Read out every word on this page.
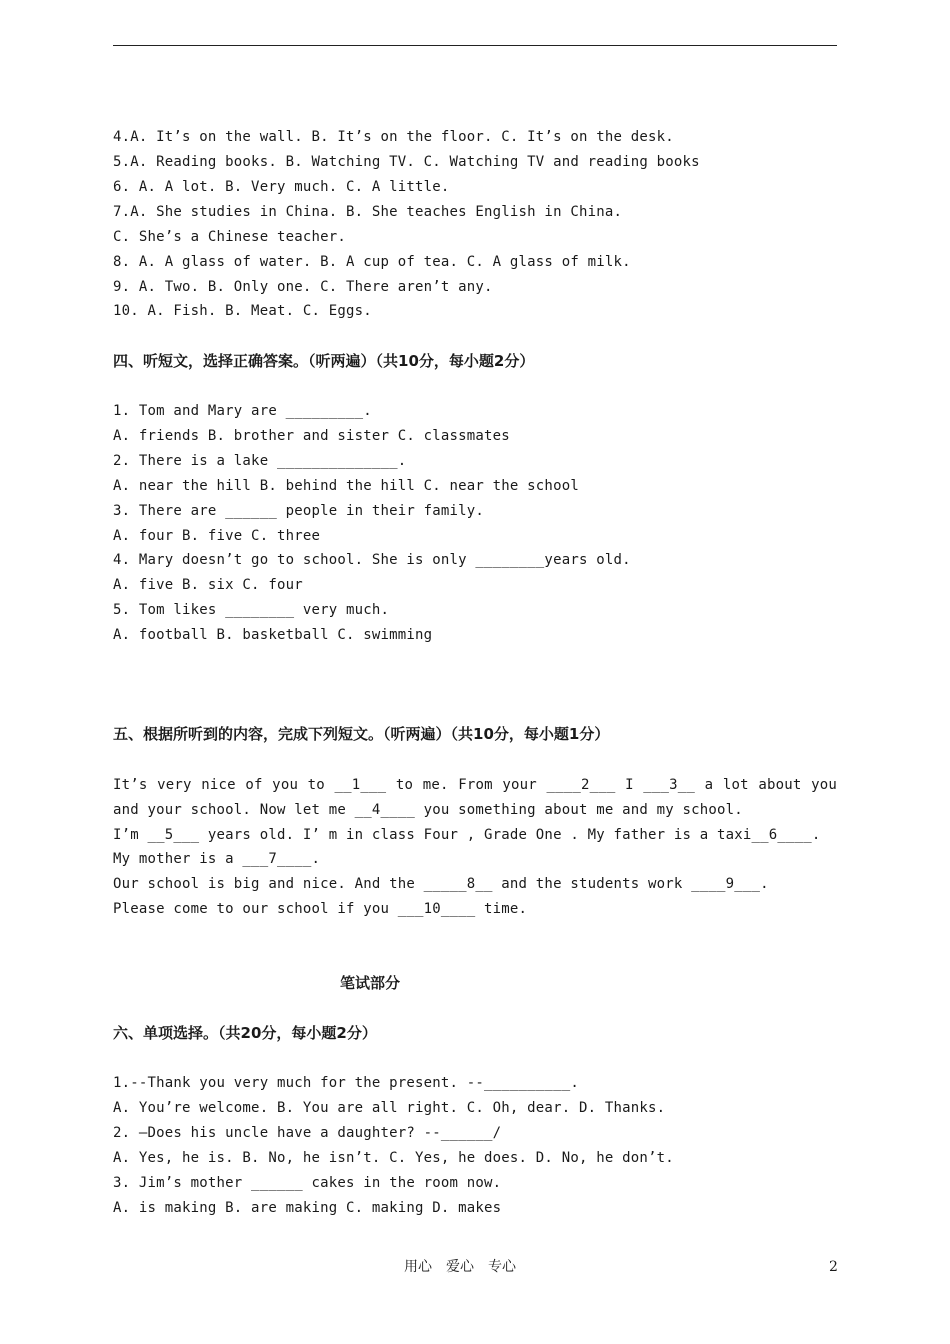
4.A. It’s on the wall. B. It’s on the floor. C. It’s on the desk.
5.A. Reading books. B. Watching TV. C. Watching TV and reading books
6. A. A lot. B. Very much. C. A little.
7.A. She studies in China. B. She teaches English in China.
C. She’s a Chinese teacher.
8. A. A glass of water. B. A cup of tea. C. A glass of milk.
9. A. Two. B. Only one. C. There aren’t any.
10. A. Fish. B. Meat. C. Eggs.
四、听短文，选择正确答案。（听两遍）（共10分，每小题2分）
1. Tom and Mary are _________.
A. friends B. brother and sister C. classmates
2. There is a lake ______________.
A. near the hill B. behind the hill C. near the school
3. There are ______ people in their family.
A. four B. five C. three
4. Mary doesn’t go to school. She is only ________years old.
A. five B. six C. four
5. Tom likes ________ very much.
A. football B. basketball C. swimming
五、根据所听到的内容，完成下列短文。（听两遍）（共10分，每小题1分）
It’s very nice of you to __1___ to me. From your ____2___ I ___3__ a lot about you
and your school. Now let me __4____ you something about me and my school.
I’m __5___ years old. I’ m in class Four , Grade One . My father is a taxi__6____.
My mother is a ___7____.
Our school is big and nice. And the _____8__ and the students work ____9___.
Please come to our school if you ___10____ time.
笔试部分
六、单项选择。（共20分，每小题2分）
1.--Thank you very much for the present. --__________.
A. You’re welcome. B. You are all right. C. Oh, dear. D. Thanks.
2. –Does his uncle have a daughter? --______/
A. Yes, he is. B. No, he isn’t. C. Yes, he does. D. No, he don’t.
3. Jim’s mother ______ cakes in the room now.
A. is making B. are making C. making D. makes
用心　爱心　专心	2
